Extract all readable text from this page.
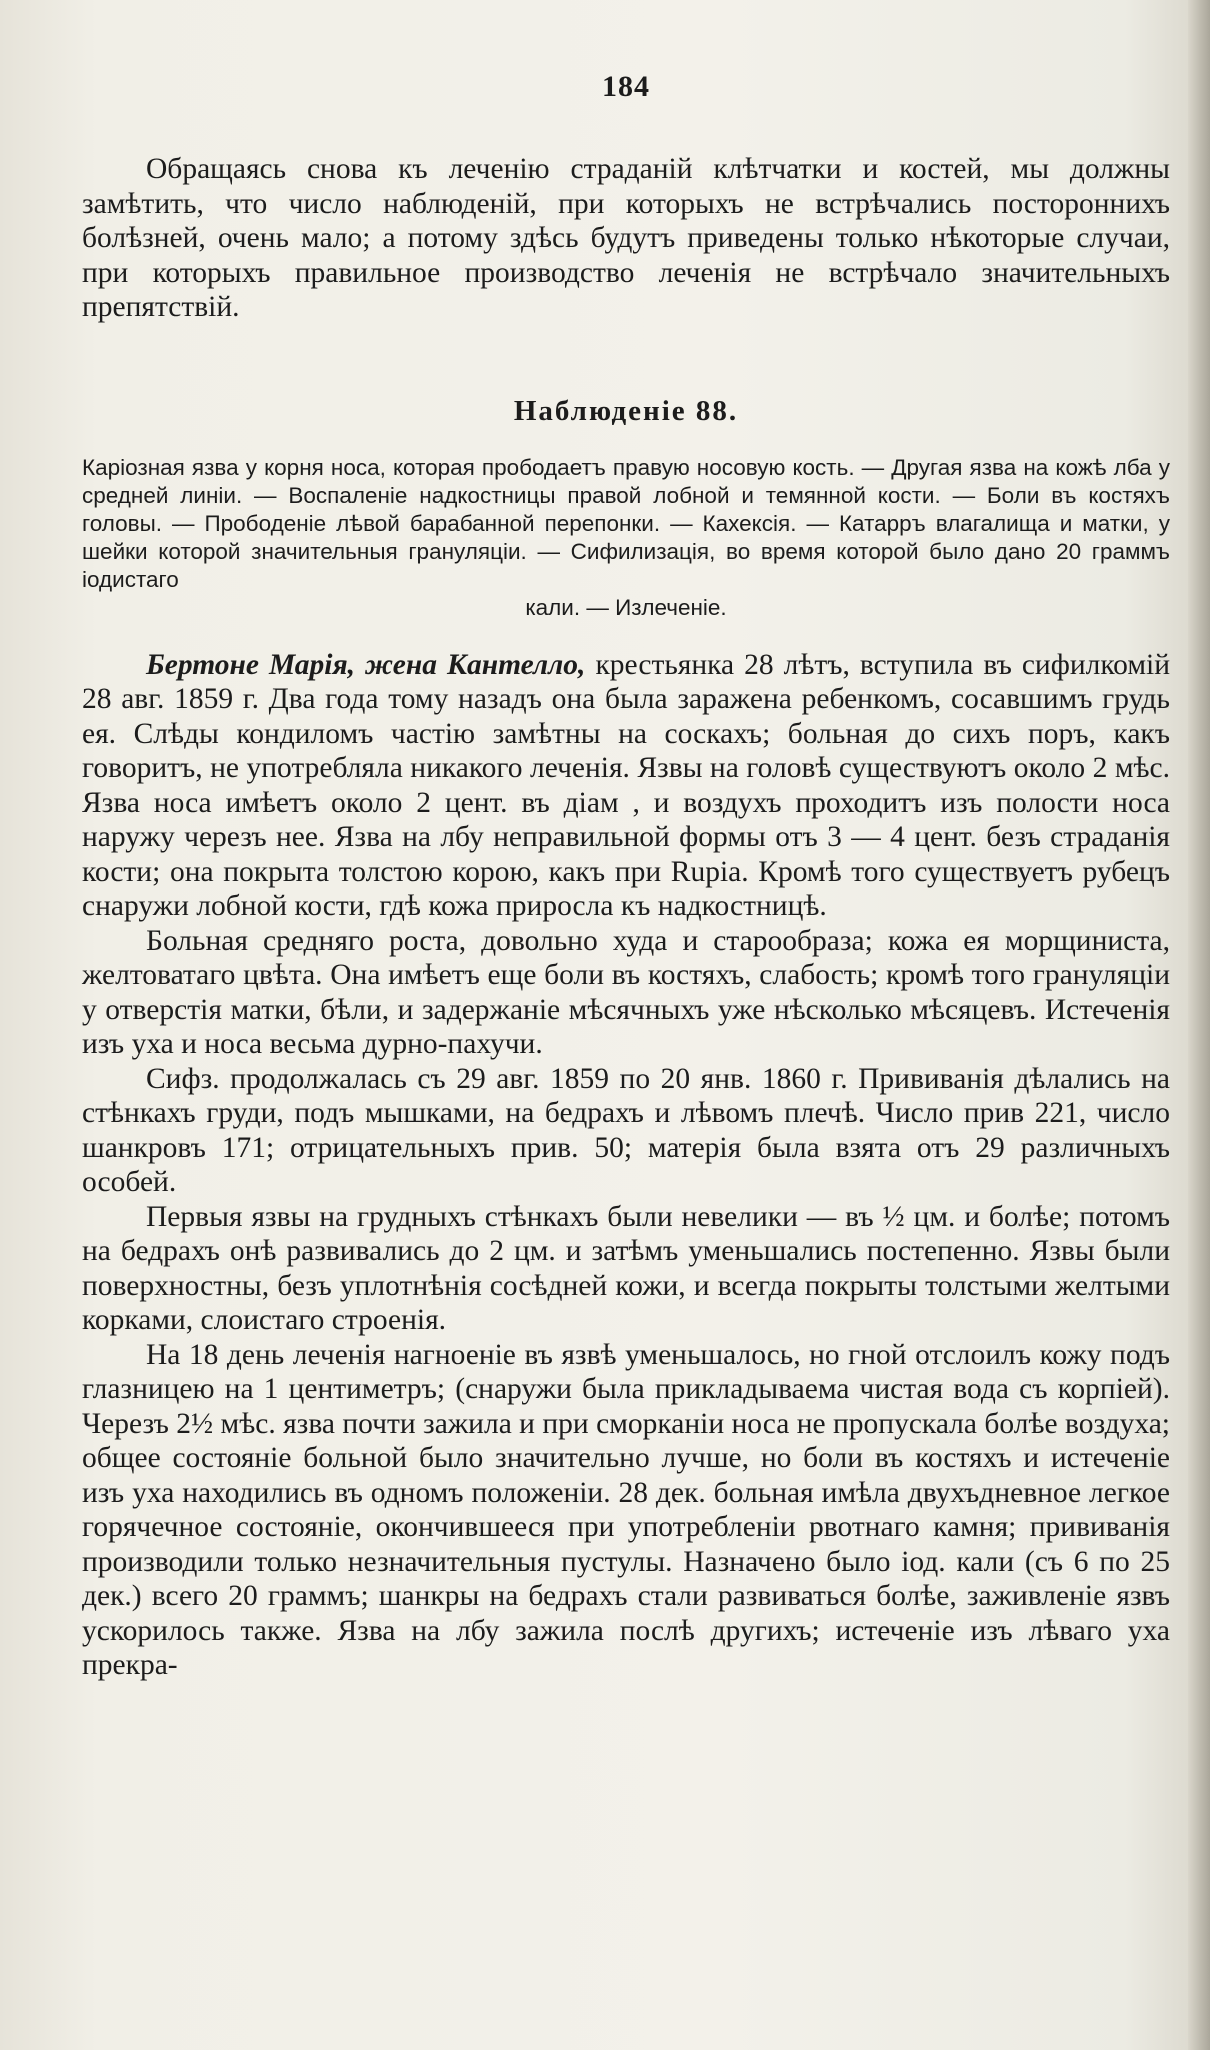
184

Обращаясь снова къ леченію страданій клѣтчатки и костей, мы должны замѣтить, что число наблюденій, при которыхъ не встрѣчались постороннихъ болѣзней, очень мало; а потому здѣсь будутъ приведены только нѣкоторые случаи, при которыхъ правильное производство леченія не встрѣчало значительныхъ препятствій.

Наблюденіе 88.
Каріозная язва у корня носа, которая прободаетъ правую носовую кость. — Другая язва на кожѣ лба у средней линіи. — Воспаленіе надкостницы правой лобной и темянной кости. — Боли въ костяхъ головы. — Прободеніе лѣвой барабанной перепонки. — Кахексія. — Катарръ влагалища и матки, у шейки которой значительныя грануляціи. — Сифилизація, во время которой было дано 20 граммъ іодистаго
кали. — Излеченіе.

Бертоне Марія, жена Кантелло, крестьянка 28 лѣтъ, вступила въ сифилкомій 28 авг. 1859 г. Два года тому назадъ она была заражена ребенкомъ, сосавшимъ грудь ея. Слѣды кондиломъ частію замѣтны на соскахъ; больная до сихъ поръ, какъ говоритъ, не употребляла никакого леченія. Язвы на головѣ существуютъ около 2 мѣс. Язва носа имѣетъ около 2 цент. въ діам , и воздухъ проходитъ изъ полости носа наружу черезъ нее. Язва на лбу неправильной формы отъ 3 — 4 цент. безъ страданія кости; она покрыта толстою корою, какъ при Rupia. Кромѣ того существуетъ рубецъ снаружи лобной кости, гдѣ кожа приросла къ надкостницѣ.

Больная средняго роста, довольно худа и старообраза; кожа ея морщиниста, желтоватаго цвѣта. Она имѣетъ еще боли въ костяхъ, слабость; кромѣ того грануляціи у отверстія матки, бѣли, и задержаніе мѣсячныхъ уже нѣсколько мѣсяцевъ. Истеченія изъ уха и носа весьма дурно-пахучи.

Сифз. продолжалась съ 29 авг. 1859 по 20 янв. 1860 г. Прививанія дѣлались на стѣнкахъ груди, подъ мышками, на бедрахъ и лѣвомъ плечѣ. Число прив 221, число шанкровъ 171; отрицательныхъ прив. 50; матерія была взята отъ 29 различныхъ особей.

Первыя язвы на грудныхъ стѣнкахъ были невелики — въ ½ цм. и болѣе; потомъ на бедрахъ онѣ развивались до 2 цм. и затѣмъ уменьшались постепенно. Язвы были поверхностны, безъ уплотнѣнія сосѣдней кожи, и всегда покрыты толстыми желтыми корками, слоистаго строенія.

На 18 день леченія нагноеніе въ язвѣ уменьшалось, но гной отслоилъ кожу подъ глазницею на 1 центиметръ; (снаружи была прикладываема чистая вода съ корпіей). Черезъ 2½ мѣс. язва почти зажила и при сморканіи носа не пропускала болѣе воздуха; общее состояніе больной было значительно лучше, но боли въ костяхъ и истеченіе изъ уха находились въ одномъ положеніи. 28 дек. больная имѣла двухъдневное легкое горячечное состояніе, окончившееся при употребленіи рвотнаго камня; прививанія производили только незначительныя пустулы. Назначено было іод. кали (съ 6 по 25 дек.) всего 20 граммъ; шанкры на бедрахъ стали развиваться болѣе, заживленіе язвъ ускорилось также. Язва на лбу зажила послѣ другихъ; истеченіе изъ лѣваго уха прекра-
